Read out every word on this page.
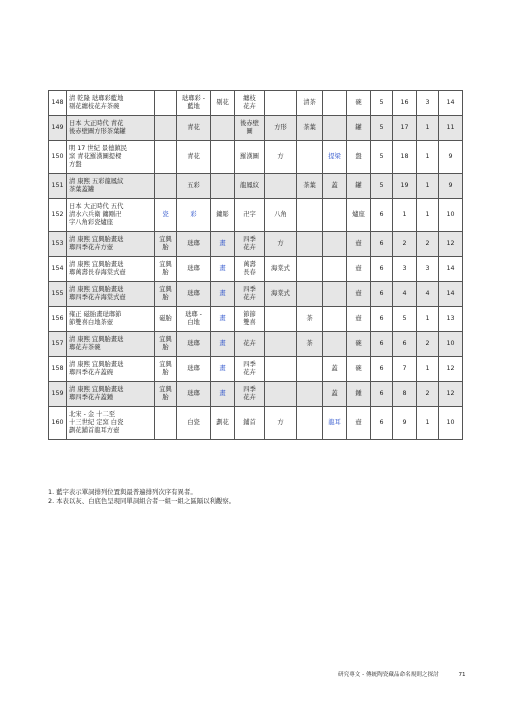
148	清 乾隆 琺瑯彩藍地
剔花纏枝花卉茶碗		琺瑯彩 -
藍地	剔花	纏枝
花卉		清茶		碗	5	16	3	14
149	日本 大正時代 青花
後赤壁圖方形茶葉罐		青花		後赤壁
圖	方形	茶葉		罐	5	17	1	11
150	明 17 世紀 景德鎮民
窯 青花羅漢圖提樑
方盤		青花		羅漢圖	方		提梁	盤	5	18	1	9
151	清 康熙 五彩龍鳳紋
茶葉蓋罐		五彩		龍鳳紋		茶葉	蓋	罐	5	19	1	9
152	日本 大正時代 五代
清水六兵衛 鏤剛卍
字八角彩瓷爐座	瓷	彩	鏤彫	卍字	八角			爐座	6	1	1	10
153	清 康熙 宜興胎畫琺
瑯四季花卉方壺	宜興
胎	琺瑯	畫	四季
花卉	方			壺	6	2	2	12
154	清 康熙 宜興胎畫琺
瑯萬壽長春海棠式壺	宜興
胎	琺瑯	畫	萬壽
長春	海棠式			壺	6	3	3	14
155	清 康熙 宜興胎畫琺
瑯四季花卉海棠式壺	宜興
胎	琺瑯	畫	四季
花卉	海棠式			壺	6	4	4	14
156	雍正 磁胎畫琺瑯節
節雙喜白地茶壺	磁胎	琺瑯 -
白地	畫	節節
雙喜		茶		壺	6	5	1	13
157	清 康熙 宜興胎畫琺
瑯花卉茶碗	宜興
胎	琺瑯	畫	花卉		茶		碗	6	6	2	10
158	清 康熙 宜興胎畫琺
瑯四季花卉蓋碗	宜興
胎	琺瑯	畫	四季
花卉			蓋	碗	6	7	1	12
159	清 康熙 宜興胎畫琺
瑯四季花卉蓋鍾	宜興
胎	琺瑯	畫	四季
花卉			蓋	鍾	6	8	2	12
160	北宋 - 金 十二至
十三世紀 定窯 白瓷
劃花鋪首龍耳方壺		白瓷	劃花	鋪首	方		龍耳	壺	6	9	1	10
1. 藍字表示單詞排列位置與最普遍排列次序有異者。
2. 本表以灰、白底色呈現同單詞組合者一組一組之區隔以利觀察。
研究專文 - 傳統陶瓷藏品命名規則之探討	71
